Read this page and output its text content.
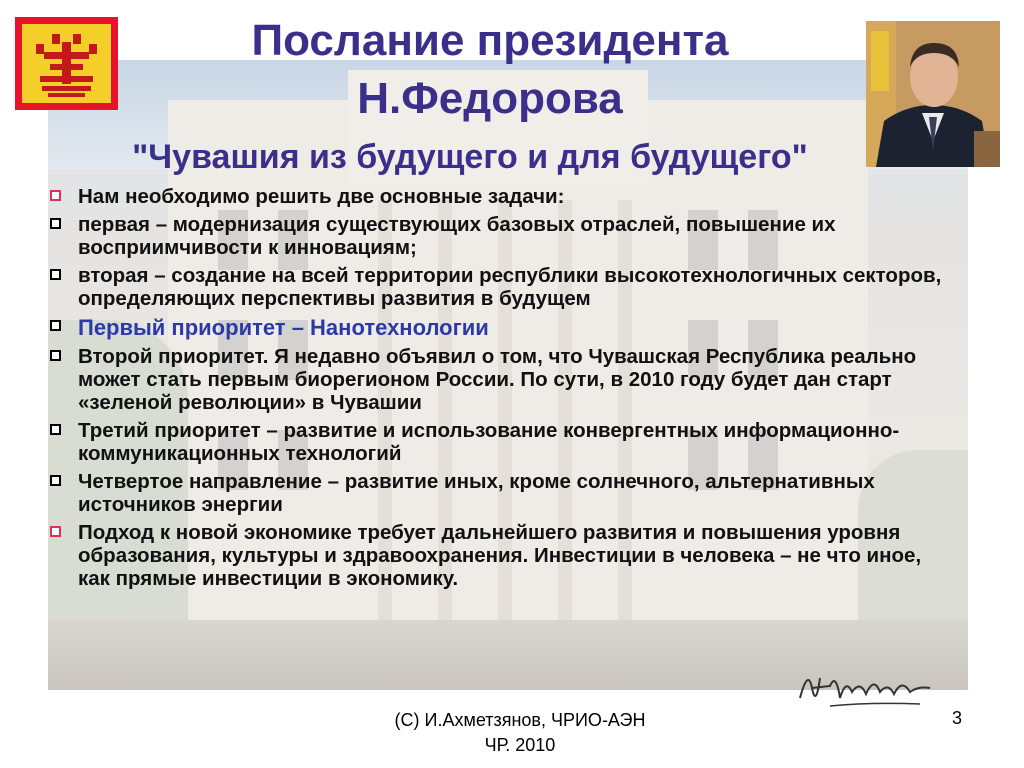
Послание президента
Н.Федорова
"Чувашия из будущего и для будущего"
Нам необходимо решить две основные задачи:
первая – модернизация существующих базовых отраслей, повышение их восприимчивости к инновациям;
вторая – создание на всей территории республики высокотехнологичных секторов, определяющих перспективы развития в будущем
Первый приоритет – Нанотехнологии
Второй приоритет. Я недавно объявил о том, что Чувашская Республика реально может стать первым биорегионом России. По сути, в 2010 году будет дан старт «зеленой революции» в Чувашии
Третий приоритет – развитие и использование конвергентных информационно-коммуникационных технологий
Четвертое направление – развитие иных, кроме солнечного, альтернативных источников энергии
Подход к новой экономике требует дальнейшего развития и повышения уровня образования, культуры и здравоохранения. Инвестиции в человека – не что иное, как прямые инвестиции в экономику.
(С) И.Ахметзянов, ЧРИО-АЭН
ЧР. 2010
3
